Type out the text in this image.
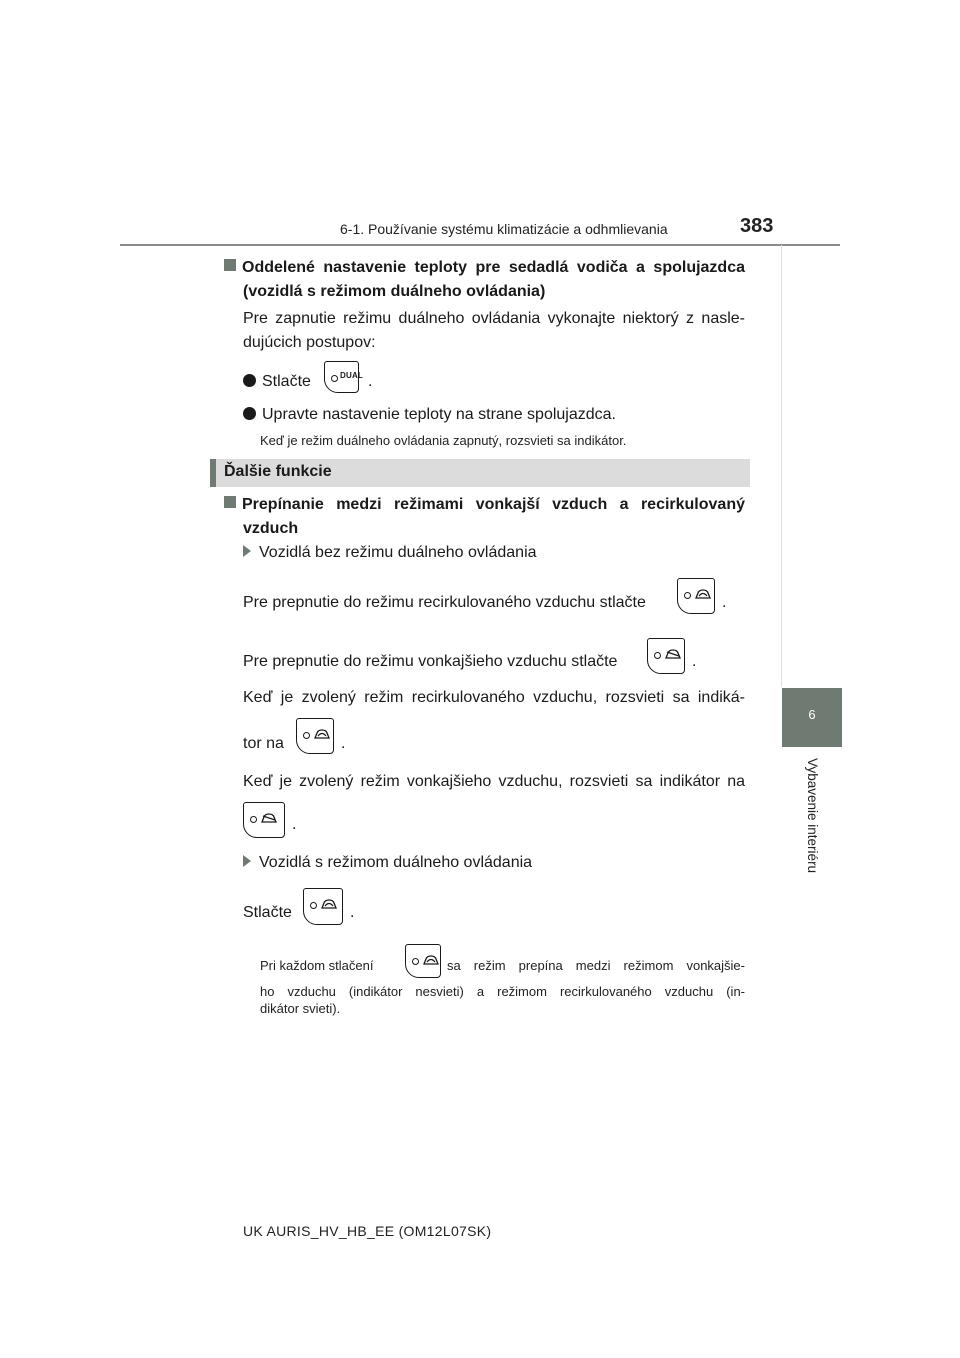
6-1. Používanie systému klimatizácie a odhmlievania	383
6
Vybavenie interiéru
Oddelené nastavenie teploty pre sedadlá vodiča a spolujazdca
(vozidlá s režimom duálneho ovládania)
Pre zapnutie režimu duálneho ovládania vykonajte niektorý z nasle-
dujúcich postupov:
Stlačte	DUAL .
Upravte nastavenie teploty na strane spolujazdca.
Keď je režim duálneho ovládania zapnutý, rozsvieti sa indikátor.
Ďalšie funkcie
Prepínanie medzi režimami vonkajší vzduch a recirkulovaný
vzduch
Vozidlá bez režimu duálneho ovládania
Pre prepnutie do režimu recirkulovaného vzduchu stlačte	.
Pre prepnutie do režimu vonkajšieho vzduchu stlačte	.
Keď je zvolený režim recirkulovaného vzduchu, rozsvieti sa indiká-
tor na	.
Keď je zvolený režim vonkajšieho vzduchu, rozsvieti sa indikátor na
.
Vozidlá s režimom duálneho ovládania
Stlačte	.
Pri každom stlačení	sa režim prepína medzi režimom vonkajšie-
ho vzduchu (indikátor nesvieti) a režimom recirkulovaného vzduchu (in-
dikátor svieti).
UK AURIS_HV_HB_EE (OM12L07SK)
